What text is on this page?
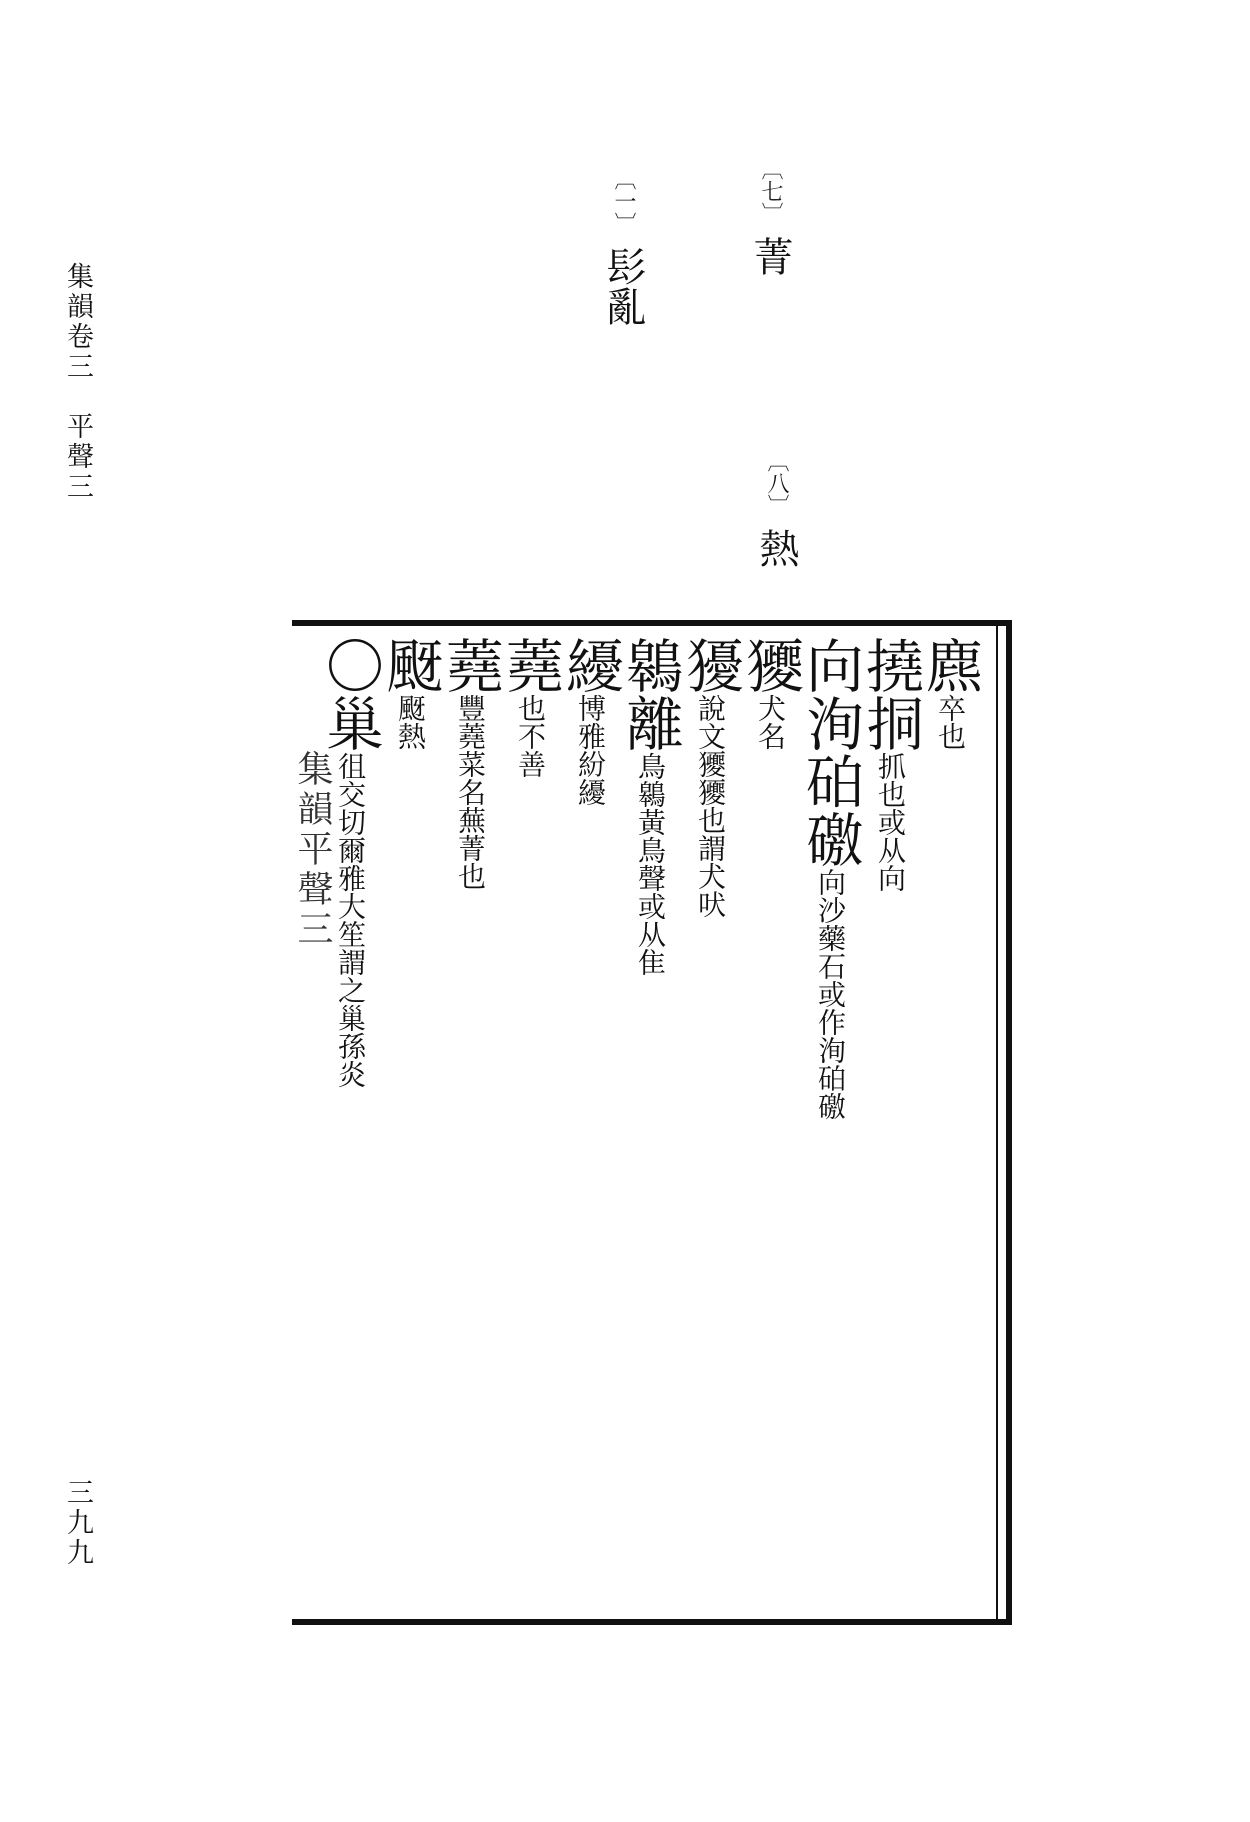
集韻卷三　平聲三
三九九
〔七〕菁
〔一〕髟亂
〔八〕熱
集韻平聲三
麃卒也
撓挏抓也或从向
向洵砶礉向沙藥石或作洵砶礉
獿犬名
獶說文獿獿也謂犬吠
鷎離鳥鷎黃鳥聲或从隹
纋博雅紛纋
蕘也不善
蕘豐蕘菜名蕪菁也
颬颬熱
〇巢徂交切爾雅大笙謂之巢孫炎
